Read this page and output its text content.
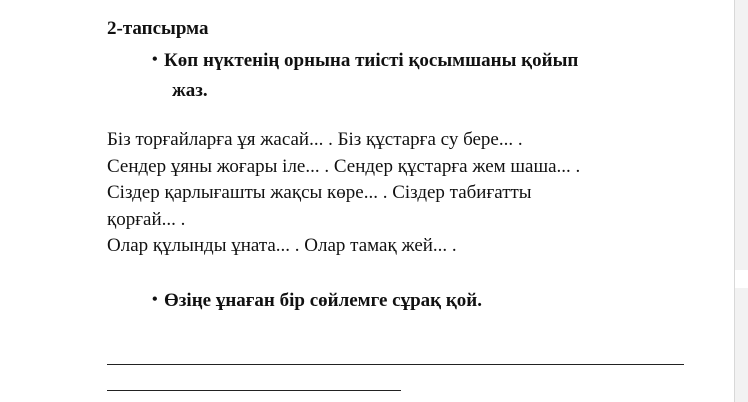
2-тапсырма
• Көп нүктенің орнына тиісті қосымшаны қойып
жаз.
Біз торғайларға ұя жасай... . Біз құстарға су бере... .
Сендер ұяны жоғары іле... . Сендер құстарға жем шаша... .
Сіздер қарлығашты жақсы көре... . Сіздер табиғатты
қорғай... .
Олар құлынды ұната... . Олар тамақ жей... .
• Өзіңе ұнаған бір сөйлемге сұрақ қой.
